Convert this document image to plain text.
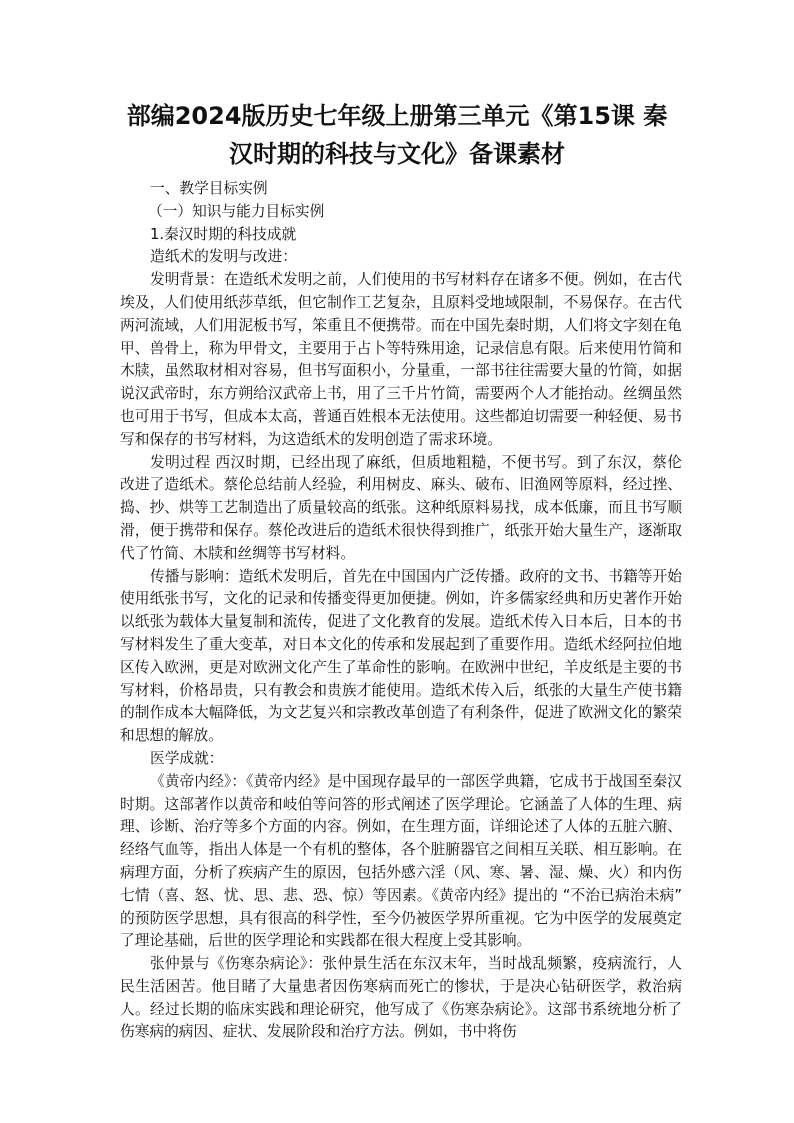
部编2024版历史七年级上册第三单元《第15课 秦
汉时期的科技与文化》备课素材

一、教学目标实例

（一）知识与能力目标实例

1.秦汉时期的科技成就

造纸术的发明与改进：

发明背景：在造纸术发明之前，人们使用的书写材料存在诸多不便。例如，在古代埃及，人们使用纸莎草纸，但它制作工艺复杂，且原料受地域限制，不易保存。在古代两河流域，人们用泥板书写，笨重且不便携带。而在中国先秦时期，人们将文字刻在龟甲、兽骨上，称为甲骨文，主要用于占卜等特殊用途，记录信息有限。后来使用竹简和木牍，虽然取材相对容易，但书写面积小，分量重，一部书往往需要大量的竹简，如据说汉武帝时，东方朔给汉武帝上书，用了三千片竹简，需要两个人才能抬动。丝绸虽然也可用于书写，但成本太高，普通百姓根本无法使用。这些都迫切需要一种轻便、易书写和保存的书写材料，为这造纸术的发明创造了需求环境。

发明过程 西汉时期，已经出现了麻纸，但质地粗糙，不便书写。到了东汉，蔡伦改进了造纸术。蔡伦总结前人经验，利用树皮、麻头、破布、旧渔网等原料，经过挫、捣、抄、烘等工艺制造出了质量较高的纸张。这种纸原料易找，成本低廉，而且书写顺滑，便于携带和保存。蔡伦改进后的造纸术很快得到推广，纸张开始大量生产，逐渐取代了竹简、木牍和丝绸等书写材料。

传播与影响：造纸术发明后，首先在中国国内广泛传播。政府的文书、书籍等开始使用纸张书写，文化的记录和传播变得更加便捷。例如，许多儒家经典和历史著作开始以纸张为载体大量复制和流传，促进了文化教育的发展。造纸术传入日本后，日本的书写材料发生了重大变革，对日本文化的传承和发展起到了重要作用。造纸术经阿拉伯地区传入欧洲，更是对欧洲文化产生了革命性的影响。在欧洲中世纪，羊皮纸是主要的书写材料，价格昂贵，只有教会和贵族才能使用。造纸术传入后，纸张的大量生产使书籍的制作成本大幅降低，为文艺复兴和宗教改革创造了有利条件，促进了欧洲文化的繁荣和思想的解放。

医学成就：

《黄帝内经》：《黄帝内经》是中国现存最早的一部医学典籍，它成书于战国至秦汉时期。这部著作以黄帝和岐伯等问答的形式阐述了医学理论。它涵盖了人体的生理、病理、诊断、治疗等多个方面的内容。例如，在生理方面，详细论述了人体的五脏六腑、经络气血等，指出人体是一个有机的整体，各个脏腑器官之间相互关联、相互影响。在病理方面，分析了疾病产生的原因，包括外感六淫（风、寒、暑、湿、燥、火）和内伤七情（喜、怒、忧、思、悲、恐、惊）等因素。《黄帝内经》提出的 “不治已病治未病” 的预防医学思想，具有很高的科学性，至今仍被医学界所重视。它为中医学的发展奠定了理论基础，后世的医学理论和实践都在很大程度上受其影响。

张仲景与《伤寒杂病论》：张仲景生活在东汉末年，当时战乱频繁，疫病流行，人民生活困苦。他目睹了大量患者因伤寒病而死亡的惨状，于是决心钻研医学，救治病人。经过长期的临床实践和理论研究，他写成了《伤寒杂病论》。这部书系统地分析了伤寒病的病因、症状、发展阶段和治疗方法。例如，书中将伤
